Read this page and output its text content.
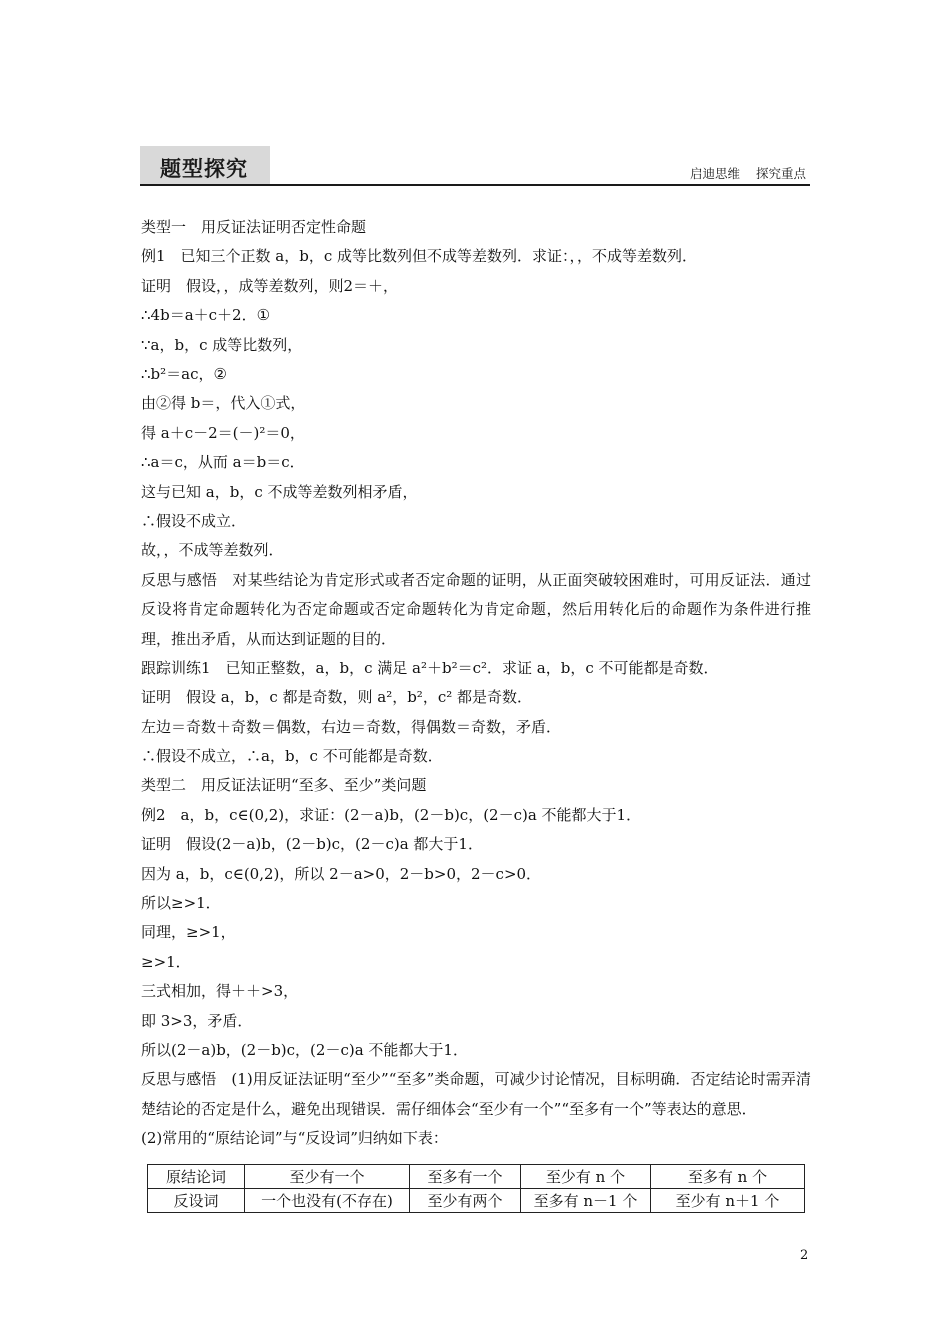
题型探究	启迪思维 探究重点
类型一　用反证法证明否定性命题
例1　已知三个正数 a，b，c 成等比数列但不成等差数列．求证：，，不成等差数列．
证明　假设，，成等差数列，则2＝＋，
∴4b＝a＋c＋2．①
∵a，b，c 成等比数列，
∴b²＝ac，②
由②得 b＝，代入①式，
得 a＋c－2＝(－)²＝0，
∴a＝c，从而 a＝b＝c．
这与已知 a，b，c 不成等差数列相矛盾，
∴假设不成立．
故，，不成等差数列．
反思与感悟　对某些结论为肯定形式或者否定命题的证明，从正面突破较困难时，可用反证法．通过反设将肯定命题转化为否定命题或否定命题转化为肯定命题，然后用转化后的命题作为条件进行推理，推出矛盾，从而达到证题的目的．
跟踪训练1　已知正整数，a，b，c 满足 a²＋b²＝c²．求证 a，b，c 不可能都是奇数．
证明　假设 a，b，c 都是奇数，则 a²，b²，c² 都是奇数．
左边＝奇数＋奇数＝偶数，右边＝奇数，得偶数＝奇数，矛盾．
∴假设不成立，∴a，b，c 不可能都是奇数．
类型二　用反证法证明“至多、至少”类问题
例2　a，b，c∈(0,2)，求证：(2－a)b，(2－b)c，(2－c)a 不能都大于1．
证明　假设(2－a)b，(2－b)c，(2－c)a 都大于1．
因为 a，b，c∈(0,2)，所以 2－a>0，2－b>0，2－c>0．
所以≥>1．
同理，≥>1，
≥>1．
三式相加，得＋＋>3，
即 3>3，矛盾．
所以(2－a)b，(2－b)c，(2－c)a 不能都大于1．
反思与感悟　(1)用反证法证明“至少”“至多”类命题，可减少讨论情况，目标明确．否定结论时需弄清楚结论的否定是什么，避免出现错误．需仔细体会“至少有一个”“至多有一个”等表达的意思．
(2)常用的“原结论词”与“反设词”归纳如下表：
原结论词	至少有一个	至多有一个	至少有 n 个	至多有 n 个
反设词	一个也没有(不存在)	至少有两个	至多有 n－1 个	至少有 n＋1 个
2
